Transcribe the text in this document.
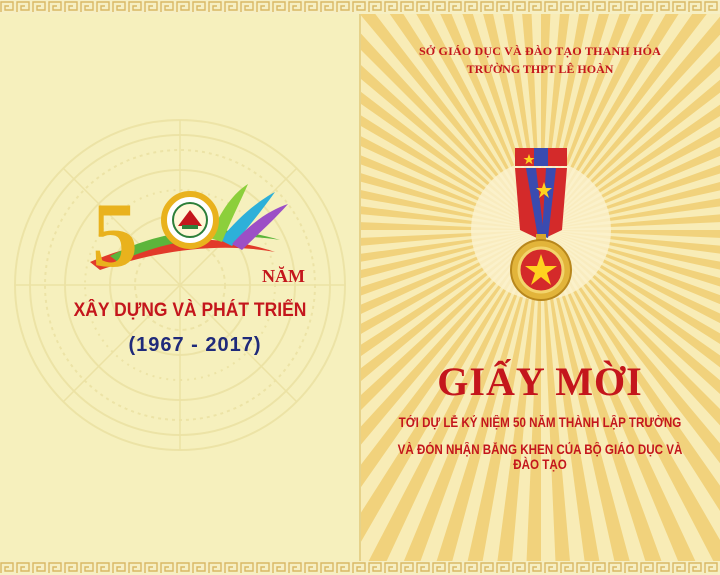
5	NĂM
XÂY DỰNG VÀ PHÁT TRIỂN
(1967 - 2017)
SỞ GIÁO DỤC VÀ ĐÀO TẠO THANH HÓA
TRƯỜNG THPT LÊ HOÀN
GIẤY MỜI
TỚI DỰ LỄ KỶ NIỆM 50 NĂM THÀNH LẬP TRƯỜNG
VÀ ĐÓN NHẬN BẰNG KHEN CỦA BỘ GIÁO DỤC VÀ ĐÀO TẠO
